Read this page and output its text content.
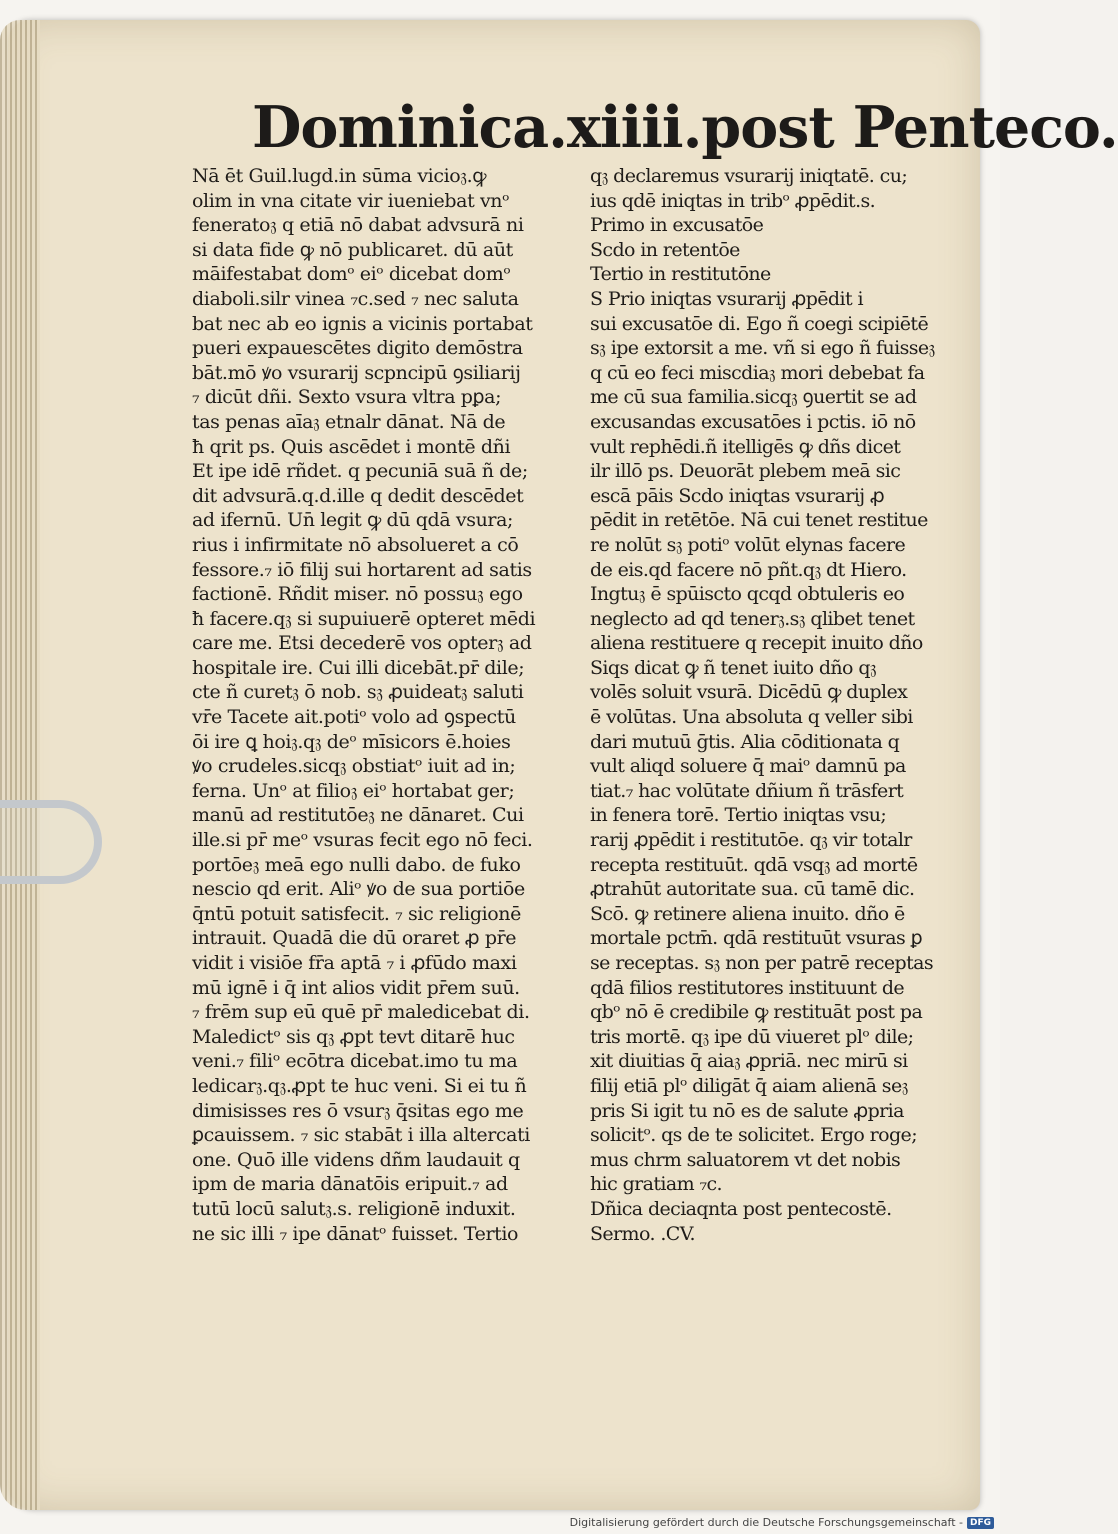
Dominica.xiiii.post Penteco.
Nā ēt Guil.lugd.in sūma vicio𝔷.ꝙ
olim in vna citate vir iueniebat vnᵒ
fenerato𝔷 q etiā nō dabat advsurā ni
si data fide ꝙ nō publicaret. dū aūt
māifestabat domᵒ eiᵒ dicebat domᵒ
diaboli.silr vinea ₇c.sed ₇ nec saluta
bat nec ab eo ignis a vicinis portabat
pueri expauescētes digito demōstra
bāt.mō ꝟo vsurarij scpncipū ꝯsiliarij
₇ dicūt dñi. Sexto vsura vltra pꝑa;
tas penas aīa𝔷 etnalr dānat. Nā de
ħ qrit ps. Quis ascēdet i montē dñi
Et ipe idē rñdet. q pecuniā suā ñ de;
dit advsurā.q.d.ille q dedit descēdet
ad ifernū. Un̄ legit ꝙ dū qdā vsura;
rius i infirmitate nō absolueret a cō
fessore.₇ iō filij sui hortarent ad satis
factionē. Rñdit miser. nō possu𝔷 ego
ħ facere.q𝔷 si supuiuerē opteret mēdi
care me. Etsi decederē vos opter𝔷 ad
hospitale ire. Cui illi dicebāt.pr̄ dile;
cte ñ curet𝔷 ō nob. s𝔷 ꝓuideat𝔷 saluti
vr̄e Tacete ait.potiᵒ volo ad ꝯspectū
ōi ire ꝗ hoi𝔷.q𝔷 deᵒ mīsicors ē.hoies
ꝟo crudeles.sicq𝔷 obstiatᵒ iuit ad in;
ferna. Unᵒ at filio𝔷 eiᵒ hortabat ger;
manū ad restitutōe𝔷 ne dānaret. Cui
ille.si pr̄ meᵒ vsuras fecit ego nō feci.
portōe𝔷 meā ego nulli dabo. de fuko
nescio qd erit. Aliᵒ ꝟo de sua portiōe
q̄ntū potuit satisfecit. ₇ sic religionē
intrauit. Quadā die dū oraret ꝓ pr̄e
vidit i visiōe fr̄a aptā ₇ i ꝓfūdo maxi
mū ignē i q̄ int alios vidit pr̄em suū.
₇ frēm sup eū quē pr̄ maledicebat di.
Maledictᵒ sis q𝔷 ꝓpt tevt ditarē huc
veni.₇ filiᵒ ecōtra dicebat.imo tu ma
ledicar𝔷.q𝔷.ꝓpt te huc veni. Si ei tu ñ
dimisisses res ō vsur𝔷 q̄sitas ego me
ꝑcauissem. ₇ sic stabāt i illa altercati
one. Quō ille videns dñm laudauit q
ipm de maria dānatōis eripuit.₇ ad
tutū locū salut𝔷.s. religionē induxit.
ne sic illi ₇ ipe dānatᵒ fuisset. Tertio
q𝔷 declaremus vsurarij iniqtatē. cu;
ius qdē iniqtas in tribᵒ ꝓpēdit.s.
Primo in excusatōe
Scdo in retentōe
Tertio in restitutōne
S Prio iniqtas vsurarij ꝓpēdit i
sui excusatōe di. Ego ñ coegi scipiētē
s𝔷 ipe extorsit a me. vñ si ego ñ fuisse𝔷
q cū eo feci miscdia𝔷 mori debebat fa
me cū sua familia.sicq𝔷 ꝯuertit se ad
excusandas excusatōes i pctis. iō nō
vult rephēdi.ñ itelligēs ꝙ dñs dicet
ilr illō ps. Deuorāt plebem meā sic
escā pāis Scdo iniqtas vsurarij ꝓ
pēdit in retētōe. Nā cui tenet restitue
re nolūt s𝔷 potiᵒ volūt elynas facere
de eis.qd facere nō pñt.q𝔷 dt Hiero.
Ingtu𝔷 ē spūiscto qcqd obtuleris eo
neglecto ad qd tener𝔷.s𝔷 qlibet tenet
aliena restituere q recepit inuito dño
Siqs dicat ꝙ ñ tenet iuito dño q𝔷
volēs soluit vsurā. Dicēdū ꝙ duplex
ē volūtas. Una absoluta q veller sibi
dari mutuū ḡtis. Alia cōditionata q
vult aliqd soluere q̄ maiᵒ damnū pa
tiat.₇ hac volūtate dñium ñ trāsfert
in fenera torē. Tertio iniqtas vsu;
rarij ꝓpēdit i restitutōe. q𝔷 vir totalr
recepta restituūt. qdā vsq𝔷 ad mortē
ꝓtrahūt autoritate sua. cū tamē dic.
Scō. ꝙ retinere aliena inuito. dño ē
mortale pctm̄. qdā restituūt vsuras ꝑ
se receptas. s𝔷 non per patrē receptas
qdā filios restitutores instituunt de
qbᵒ nō ē credibile ꝙ restituāt post pa
tris mortē. q𝔷 ipe dū viueret plᵒ dile;
xit diuitias q̄ aia𝔷 ꝓpriā. nec mirū si
filij etiā plᵒ diligāt q̄ aiam alienā se𝔷
pris Si igit tu nō es de salute ꝓpria
solicitᵒ. qs de te solicitet. Ergo roge;
mus chrm saluatorem vt det nobis
hic gratiam ₇c.
Dñica deciaqnta post pentecostē.
Sermo. .CV.
Digitalisierung gefördert durch die Deutsche Forschungsgemeinschaft - DFG
